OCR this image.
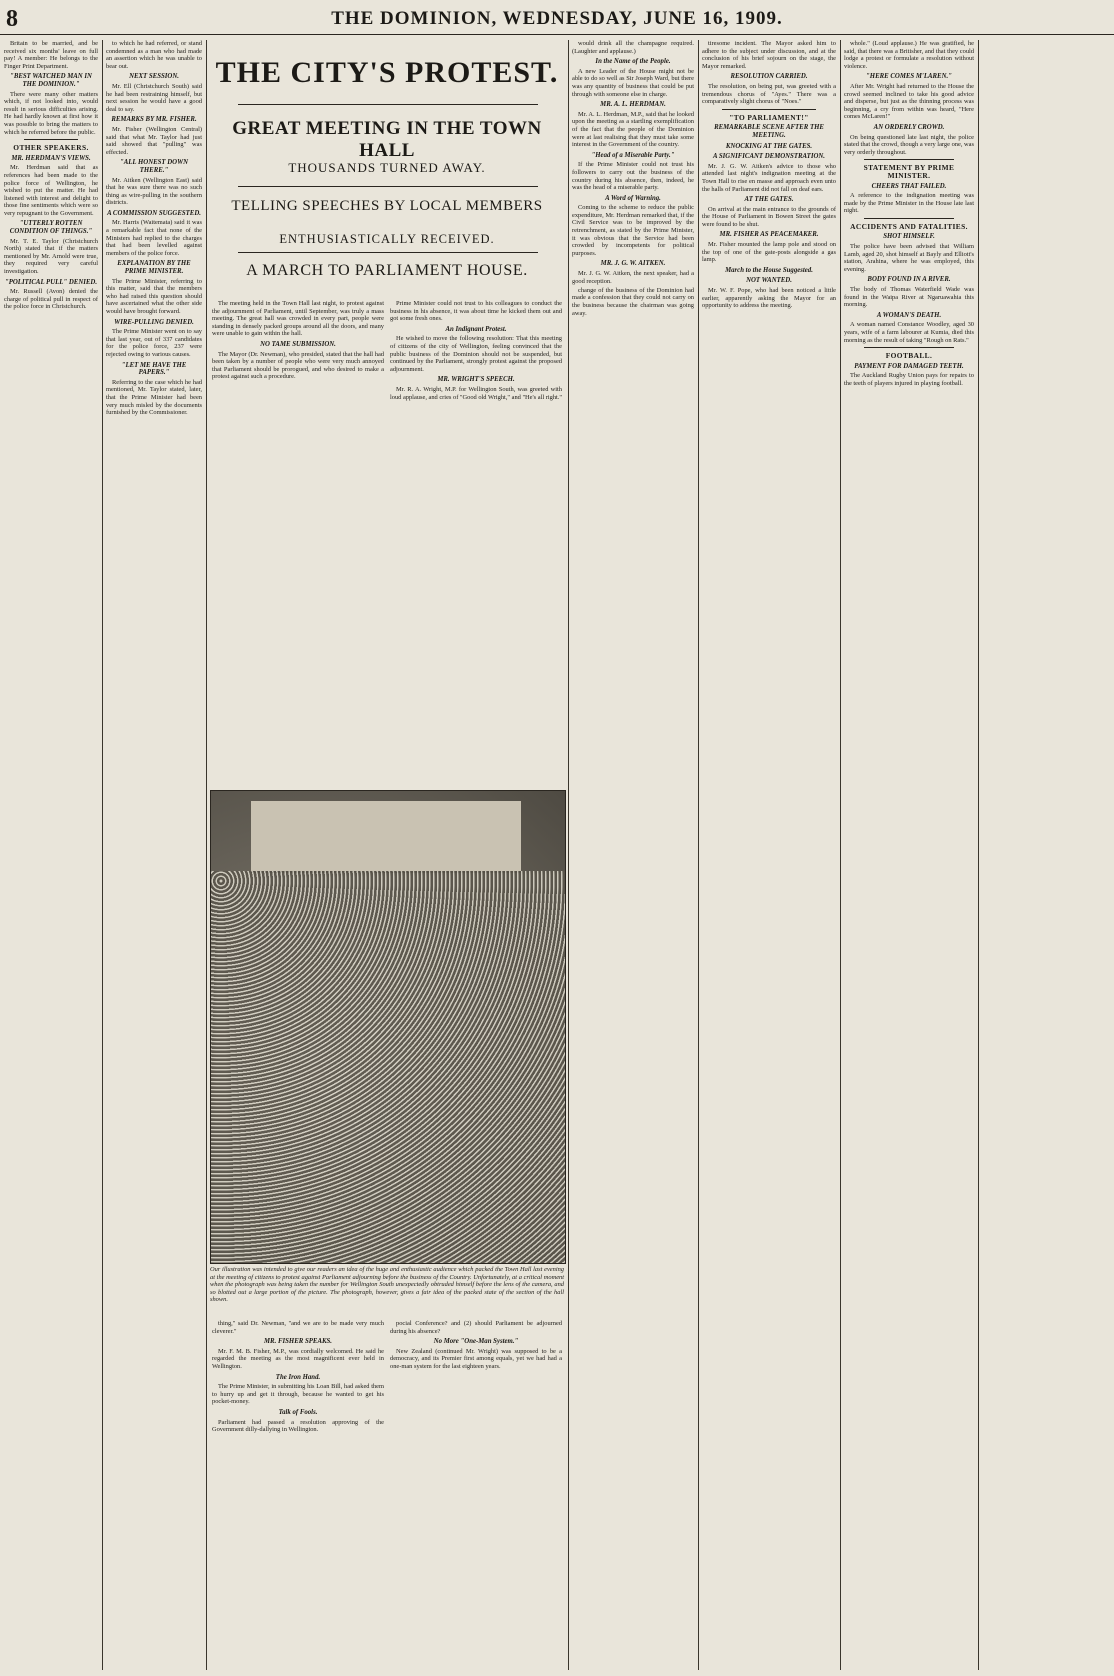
8	THE DOMINION, WEDNESDAY, JUNE 16, 1909.

Britain to be married, and be received six months' leave on full pay! A member: He belongs to the Finger Print Department.

"BEST WATCHED MAN IN THE DOMINION."

There were many other matters which, if not looked into, would result in serious difficulties arising. He had hardly known at first how it was possible to bring the matters to which he referred before the public.

OTHER SPEAKERS.
MR. HERDMAN'S VIEWS.

Mr. Herdman said that as references had been made to the police force of Wellington, he wished to put the matter. He had listened with interest and delight to those fine sentiments which were so very repugnant to the Government.

"UTTERLY ROTTEN CONDITION OF THINGS."

Mr. T. E. Taylor (Christchurch North) stated that if the matters mentioned by Mr. Arnold were true, they required very careful investigation.

"POLITICAL PULL" DENIED.

Mr. Russell (Avon) denied the charge of political pull in respect of the police force in Christchurch.

to which he had referred, or stand condemned as a man who had made an assertion which he was unable to bear out.

NEXT SESSION.

Mr. Ell (Christchurch South) said he had been restraining himself, but next session he would have a good deal to say.

REMARKS BY MR. FISHER.

Mr. Fisher (Wellington Central) said that what Mr. Taylor had just said showed that "pulling" was effected.

"ALL HONEST DOWN THERE."

Mr. Aitken (Wellington East) said that he was sure there was no such thing as wire-pulling in the southern districts.

A COMMISSION SUGGESTED.

Mr. Harris (Waitemata) said it was a remarkable fact that none of the Ministers had replied to the charges that had been levelled against members of the police force.

EXPLANATION BY THE PRIME MINISTER.

The Prime Minister, referring to this matter, said that the members who had raised this question should have ascertained what the other side would have brought forward.

WIRE-PULLING DENIED.

The Prime Minister went on to say that last year, out of 337 candidates for the police force, 237 were rejected owing to various causes.

"LET ME HAVE THE PAPERS."

Referring to the case which he had mentioned, Mr. Taylor stated, later, that the Prime Minister had been very much misled by the documents furnished by the Commissioner.

THE CITY'S PROTEST.
GREAT MEETING IN THE TOWN HALL
THOUSANDS TURNED AWAY.
TELLING SPEECHES BY LOCAL MEMBERS
ENTHUSIASTICALLY RECEIVED.
A MARCH TO PARLIAMENT HOUSE.

The meeting held in the Town Hall last night, to protest against the adjournment of Parliament, until September, was truly a mass meeting. The great hall was crowded in every part, people were standing in densely packed groups around all the doors, and many were unable to gain within the hall.

NO TAME SUBMISSION.

The Mayor (Dr. Newman), who presided, stated that the hall had been taken by a number of people who were very much annoyed that Parliament should be prorogued, and who desired to make a protest against such a procedure.

Prime Minister could not trust to his colleagues to conduct the business in his absence, it was about time he kicked them out and got some fresh ones.

An Indignant Protest.

He wished to move the following resolution: That this meeting of citizens of the city of Wellington, feeling convinced that the public business of the Dominion should not be suspended, but continued by the Parliament, strongly protest against the proposed adjournment.

MR. WRIGHT'S SPEECH.

Mr. R. A. Wright, M.P. for Wellington South, was greeted with loud applause, and cries of "Good old Wright," and "He's all right."

Our illustration was intended to give our readers an idea of the huge and enthusiastic audience which packed the Town Hall last evening at the meeting of citizens to protest against Parliament adjourning before the business of the Country. Unfortunately, at a critical moment when the photograph was being taken the number for Wellington South unexpectedly obtruded himself before the lens of the camera, and so blotted out a large portion of the picture. The photograph, however, gives a fair idea of the packed state of the section of the hall shown.

thing," said Dr. Newman, "and we are to be made very much cleverer."

MR. FISHER SPEAKS.

Mr. F. M. B. Fisher, M.P., was cordially welcomed. He said he regarded the meeting as the most magnificent ever held in Wellington.

The Iron Hand.

The Prime Minister, in submitting his Loan Bill, had asked them to hurry up and get it through, because he wanted to get his pocket-money.

Talk of Fools.

Parliament had passed a resolution approving of the Government dilly-dallying in Wellington.

pocial Conference? and (2) should Parliament be adjourned during his absence?

No More "One-Man System."

New Zealand (continued Mr. Wright) was supposed to be a democracy, and its Premier first among equals, yet we had had a one-man system for the last eighteen years.

would drink all the champagne required. (Laughter and applause.)

In the Name of the People.

A new Leader of the House might not be able to do so well as Sir Joseph Ward, but there was any quantity of business that could be put through with someone else in charge.

MR. A. L. HERDMAN.

Mr. A. L. Herdman, M.P., said that he looked upon the meeting as a startling exemplification of the fact that the people of the Dominion were at last realising that they must take some interest in the Government of the country.

"Head of a Miserable Party."

If the Prime Minister could not trust his followers to carry out the business of the country during his absence, then, indeed, he was the head of a miserable party.

A Word of Warning.

Coming to the scheme to reduce the public expenditure, Mr. Herdman remarked that, if the Civil Service was to be improved by the retrenchment, as stated by the Prime Minister, it was obvious that the Service had been crowded by incompetents for political purposes.

MR. J. G. W. AITKEN.

Mr. J. G. W. Aitken, the next speaker, had a good reception.

change of the business of the Dominion had made a confession that they could not carry on the business because the chairman was going away.

tiresome incident. The Mayor asked him to adhere to the subject under discussion, and at the conclusion of his brief sojourn on the stage, the Mayor remarked.

RESOLUTION CARRIED.

The resolution, on being put, was greeted with a tremendous chorus of "Ayes." There was a comparatively slight chorus of "Noes."

"TO PARLIAMENT!"
REMARKABLE SCENE AFTER THE MEETING.
KNOCKING AT THE GATES.
A SIGNIFICANT DEMONSTRATION.

Mr. J. G. W. Aitken's advice to those who attended last night's indignation meeting at the Town Hall to rise en masse and approach even unto the halls of Parliament did not fall on deaf ears.

AT THE GATES.

On arrival at the main entrance to the grounds of the House of Parliament in Bowen Street the gates were found to be shut.

MR. FISHER AS PEACEMAKER.

Mr. Fisher mounted the lamp pole and stood on the top of one of the gate-posts alongside a gas lamp.

March to the House Suggested.
NOT WANTED.

Mr. W. F. Pope, who had been noticed a little earlier, apparently asking the Mayor for an opportunity to address the meeting.

whole." (Loud applause.) He was gratified, he said, that there was a Britisher, and that they could lodge a protest or formulate a resolution without violence.

"HERE COMES M'LAREN."

After Mr. Wright had returned to the House the crowd seemed inclined to take his good advice and disperse, but just as the thinning process was beginning, a cry from within was heard, "Here comes McLaren!"

AN ORDERLY CROWD.

On being questioned late last night, the police stated that the crowd, though a very large one, was very orderly throughout.

STATEMENT BY PRIME MINISTER.
CHEERS THAT FAILED.

A reference to the indignation meeting was made by the Prime Minister in the House late last night.

ACCIDENTS AND FATALITIES.
SHOT HIMSELF.

The police have been advised that William Lamb, aged 20, shot himself at Bayly and Elliott's station, Arahina, where he was employed, this evening.

BODY FOUND IN A RIVER.

The body of Thomas Waterfield Wade was found in the Waipa River at Ngaruawahia this morning.

A WOMAN'S DEATH.

A woman named Constance Woodley, aged 30 years, wife of a farm labourer at Kumia, died this morning as the result of taking "Rough on Rats."

FOOTBALL.
PAYMENT FOR DAMAGED TEETH.

The Auckland Rugby Union pays for repairs to the teeth of players injured in playing football.
